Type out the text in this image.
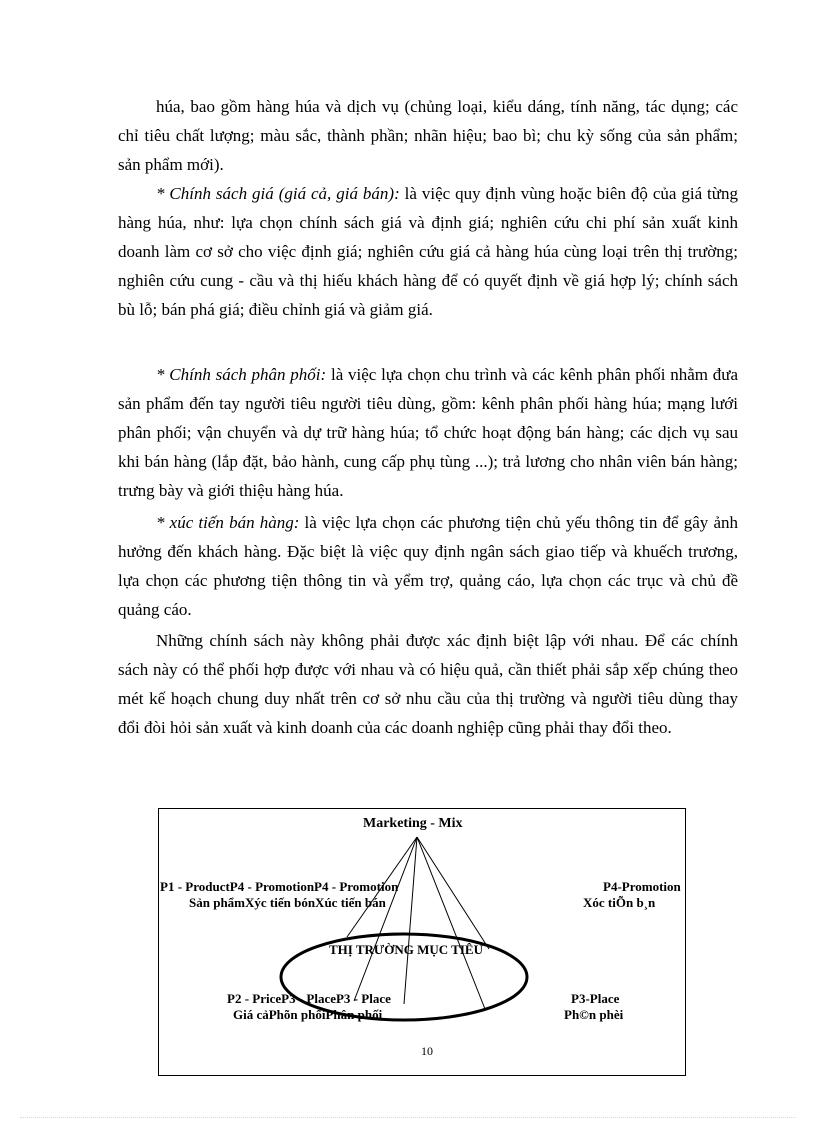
húa, bao gồm hàng húa và dịch vụ (chủng loại, kiểu dáng, tính năng, tác dụng; các chỉ tiêu chất lượng; màu sắc, thành phần; nhãn hiệu; bao bì; chu kỳ sống của sản phẩm; sản phẩm mới).

* Chính sách giá (giá cả, giá bán): là việc quy định vùng hoặc biên độ của giá từng hàng húa, như: lựa chọn chính sách giá và định giá; nghiên cứu chi phí sản xuất kinh doanh làm cơ sở cho việc định giá; nghiên cứu giá cả hàng húa cùng loại trên thị trường; nghiên cứu cung - cầu và thị hiếu khách hàng để có quyết định về giá hợp lý; chính sách bù lỗ; bán phá giá; điều chỉnh giá và giảm giá.

* Chính sách phân phối: là việc lựa chọn chu trình và các kênh phân phối nhằm đưa sản phẩm đến tay người tiêu người tiêu dùng, gồm: kênh phân phối hàng húa; mạng lưới phân phối; vận chuyển và dự trữ hàng húa; tổ chức hoạt động bán hàng; các dịch vụ sau khi bán hàng (lắp đặt, bảo hành, cung cấp phụ tùng ...); trả lương cho nhân viên bán hàng; trưng bày và giới thiệu hàng húa.

* xúc tiến bán hàng: là việc lựa chọn các phương tiện chủ yếu thông tin để gây ảnh hưởng đến khách hàng. Đặc biệt là việc quy định ngân sách giao tiếp và khuếch trương, lựa chọn các phương tiện thông tin và yểm trợ, quảng cáo, lựa chọn các trục và chủ đề quảng cáo.

Những chính sách này không phải được xác định biệt lập với nhau. Để các chính sách này có thể phối hợp được với nhau và có hiệu quả, cần thiết phải sắp xếp chúng theo mét kế hoạch chung duy nhất trên cơ sở nhu cầu của thị trường và người tiêu dùng thay đổi đòi hỏi sản xuất và kinh doanh của các doanh nghiệp cũng phải thay đổi theo.

Marketing - Mix
P1 - ProductP4 - PromotionP4 - Promotion
Sản phẩmXýc tiến bónXúc tiến bán
P4-Promotion
Xóc tiÕn b¸n
THỊ TRƯỜNG MỤC TIÊU
P2 - PriceP3 - PlaceP3 - Place
Giá cảPhõn phốiPhân phối
P3-Place
Ph©n phèi
10
